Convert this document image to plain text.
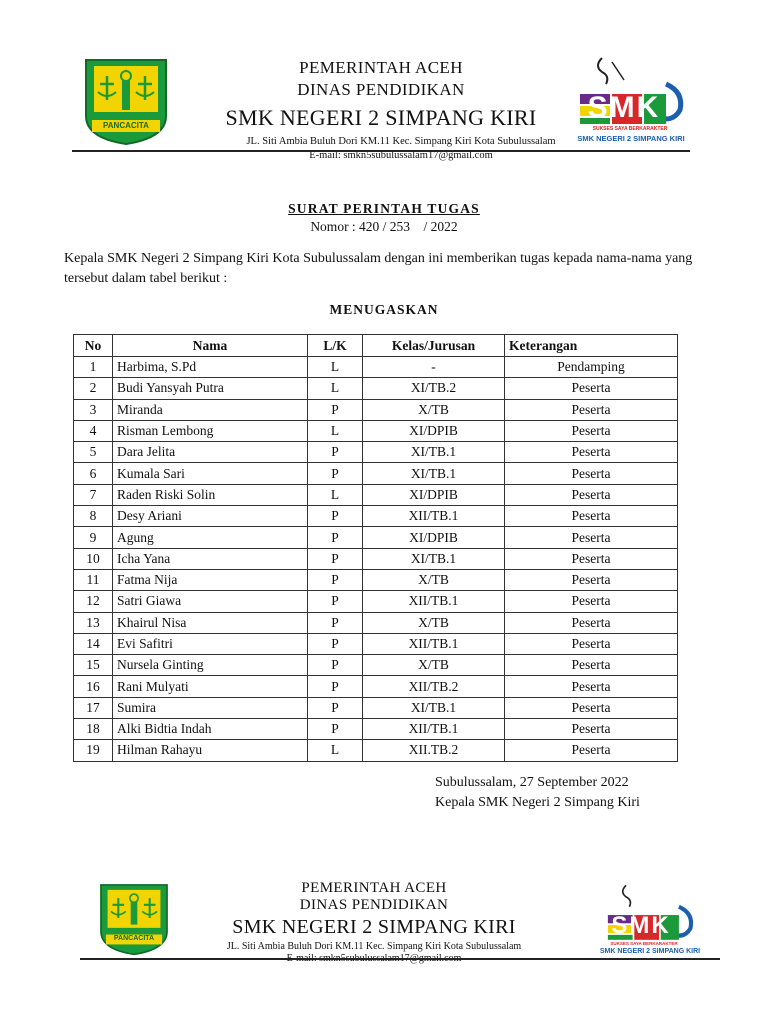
PANCACITA
PEMERINTAH ACEH
DINAS PENDIDIKAN
SMK NEGERI 2 SIMPANG KIRI
JL. Siti Ambia Buluh Dori KM.11 Kec. Simpang Kiri Kota Subulussalam
E-mail: smkn5subulussalam17@gmail.com
SMK
SUKSES SAYA BERKARAKTER
SMK NEGERI 2 SIMPANG KIRI
SURAT PERINTAH TUGAS
Nomor : 420 / 253    / 2022
Kepala SMK Negeri 2 Simpang Kiri Kota Subulussalam dengan ini memberikan tugas kepada nama-nama yang tersebut dalam tabel berikut :
MENUGASKAN
No	Nama	L/K	Kelas/Jurusan	Keterangan
1	Harbima, S.Pd	L	-	Pendamping
2	Budi Yansyah Putra	L	XI/TB.2	Peserta
3	Miranda	P	X/TB	Peserta
4	Risman Lembong	L	XI/DPIB	Peserta
5	Dara Jelita	P	XI/TB.1	Peserta
6	Kumala Sari	P	XI/TB.1	Peserta
7	Raden Riski Solin	L	XI/DPIB	Peserta
8	Desy Ariani	P	XII/TB.1	Peserta
9	Agung	P	XI/DPIB	Peserta
10	Icha Yana	P	XI/TB.1	Peserta
11	Fatma Nija	P	X/TB	Peserta
12	Satri Giawa	P	XII/TB.1	Peserta
13	Khairul Nisa	P	X/TB	Peserta
14	Evi Safitri	P	XII/TB.1	Peserta
15	Nursela Ginting	P	X/TB	Peserta
16	Rani Mulyati	P	XII/TB.2	Peserta
17	Sumira	P	XI/TB.1	Peserta
18	Alki Bidtia Indah	P	XII/TB.1	Peserta
19	Hilman Rahayu	L	XII.TB.2	Peserta
Subulussalam, 27 September 2022
Kepala SMK Negeri 2 Simpang Kiri
PANCACITA
PEMERINTAH ACEH
DINAS PENDIDIKAN
SMK NEGERI 2 SIMPANG KIRI
JL. Siti Ambia Buluh Dori KM.11 Kec. Simpang Kiri Kota Subulussalam
E-mail: smkn5subulussalam17@gmail.com
SMK
SUKSES SAYA BERKARAKTER
SMK NEGERI 2 SIMPANG KIRI
